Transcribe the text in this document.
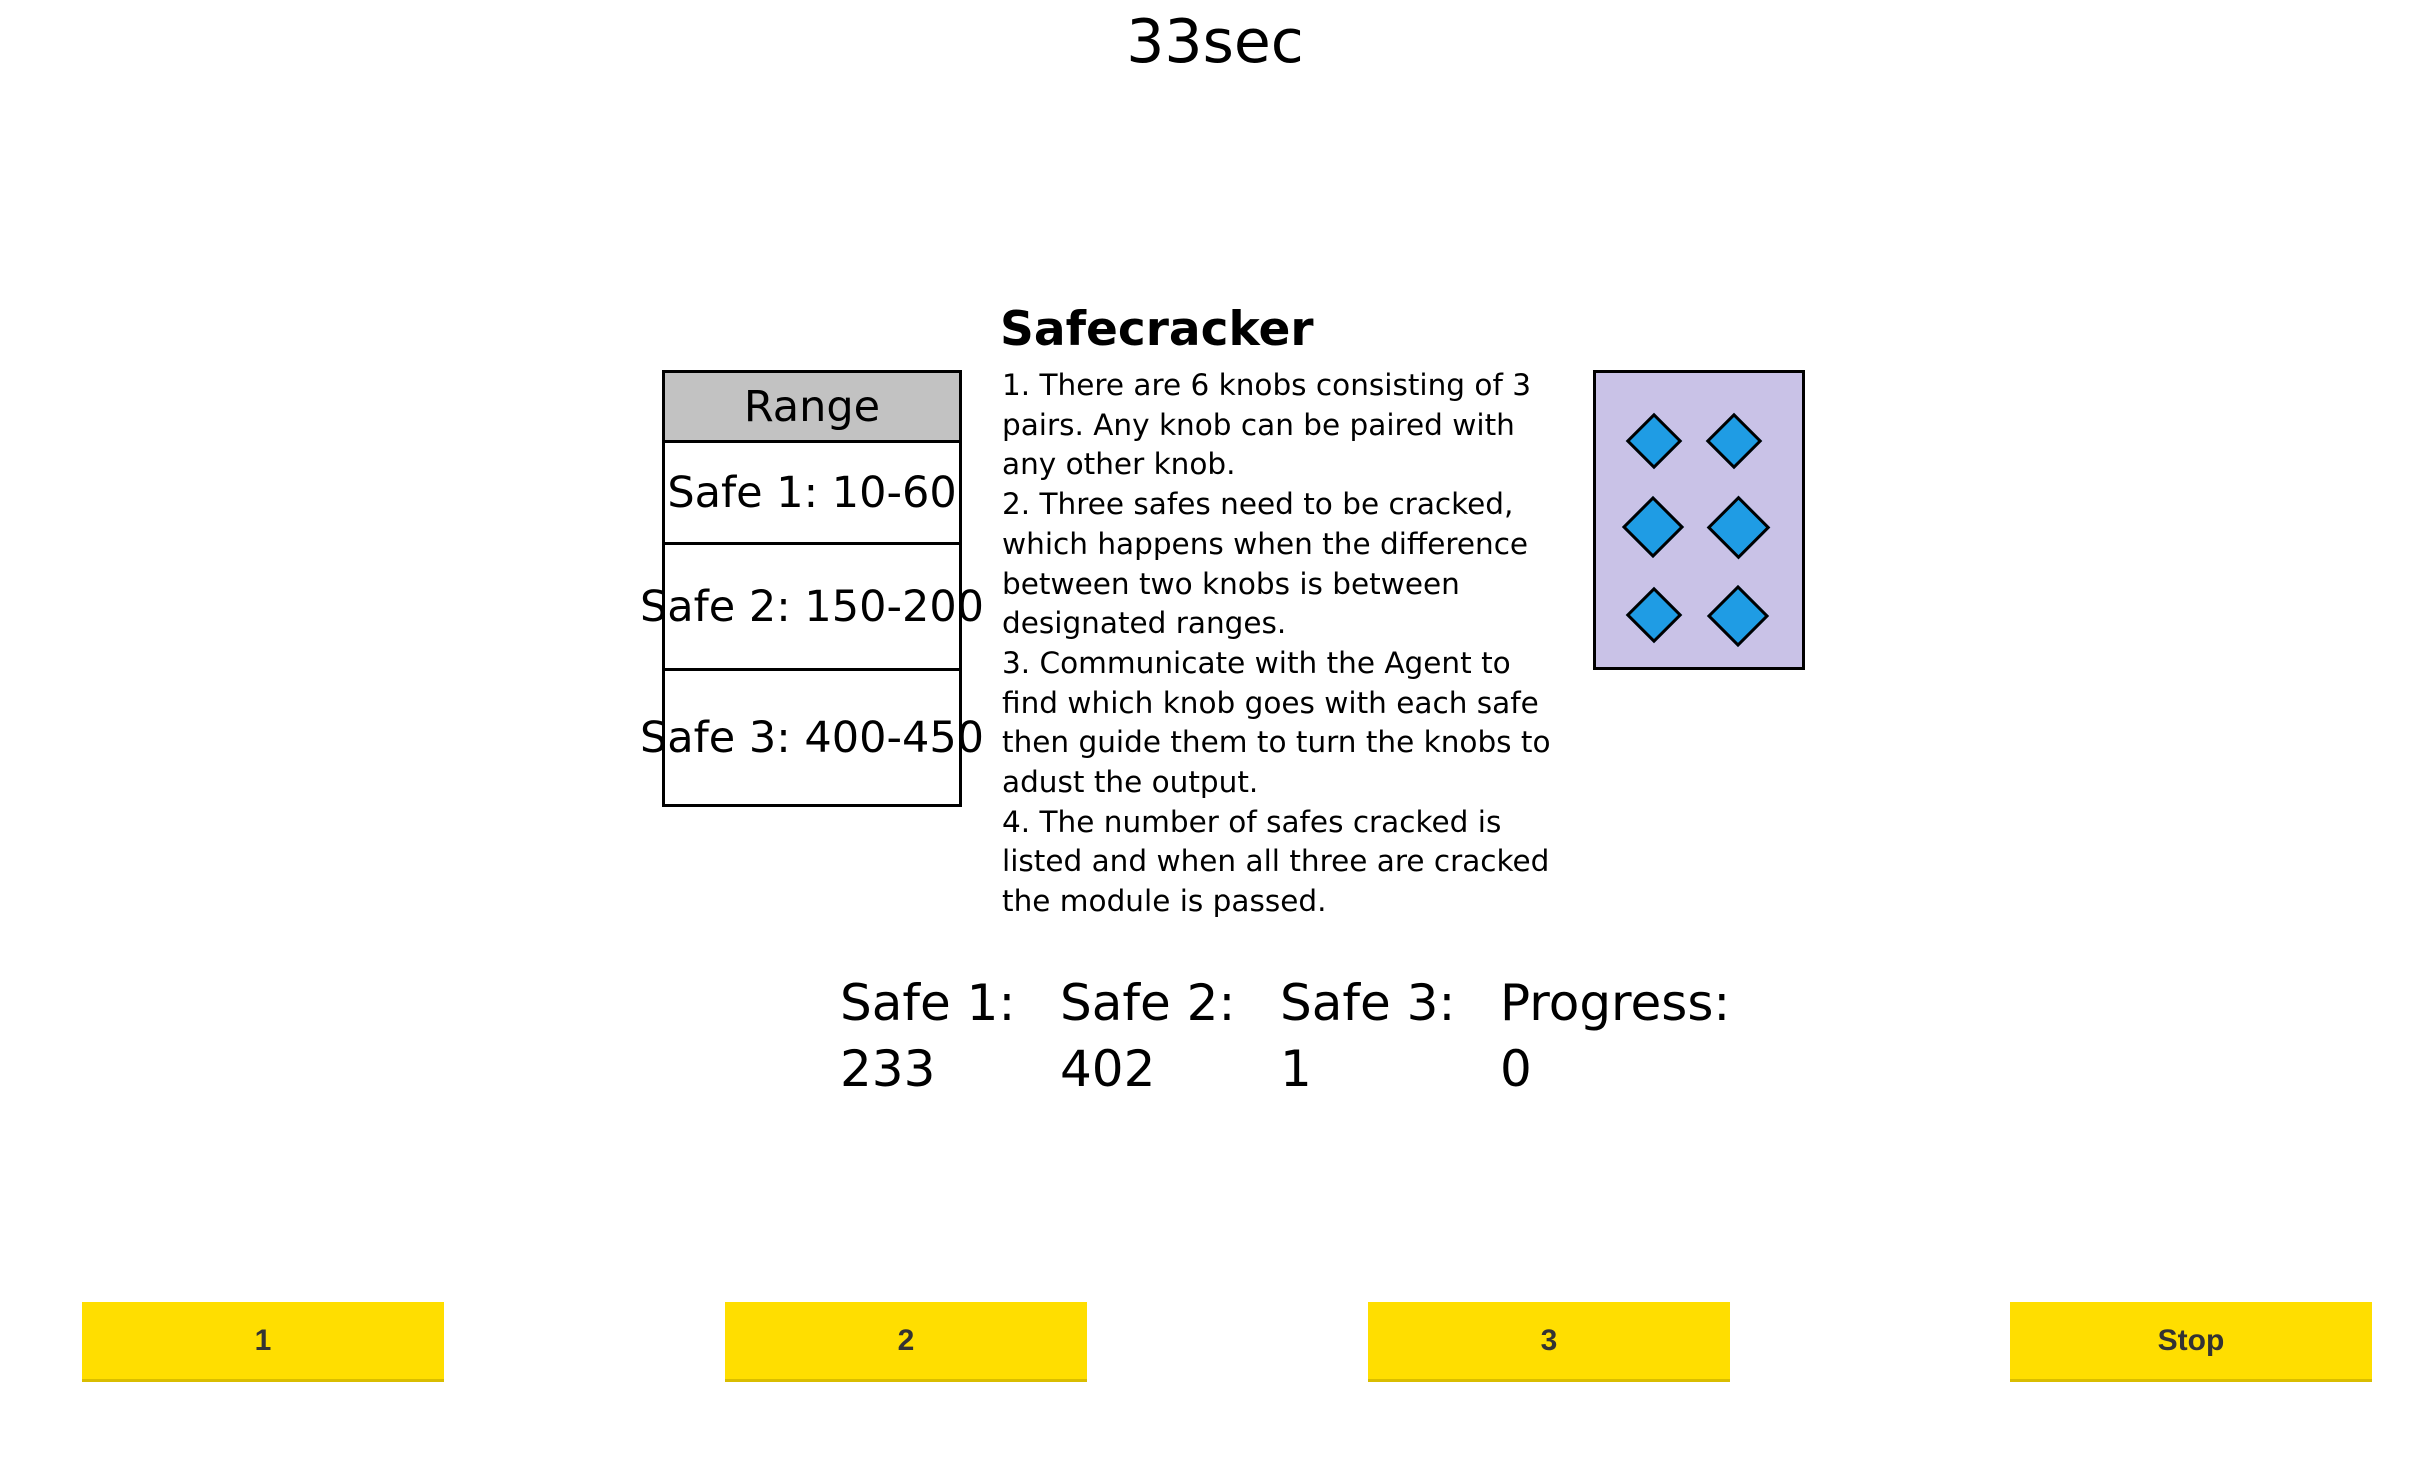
33sec
Safecracker
Range
Safe 1: 10-60
Safe 2: 150-200
Safe 3: 400-450

1. There are 6 knobs consisting of 3 pairs. Any knob can be paired with any other knob.

2. Three safes need to be cracked, which happens when the difference between two knobs is between designated ranges.

3. Communicate with the Agent to find which knob goes with each safe then guide them to turn the knobs to adust the output.

4. The number of safes cracked is listed and when all three are cracked the module is passed.

Safe 1:
233
Safe 2:
402
Safe 3:
1
Progress:
0
1	2	3	Stop
